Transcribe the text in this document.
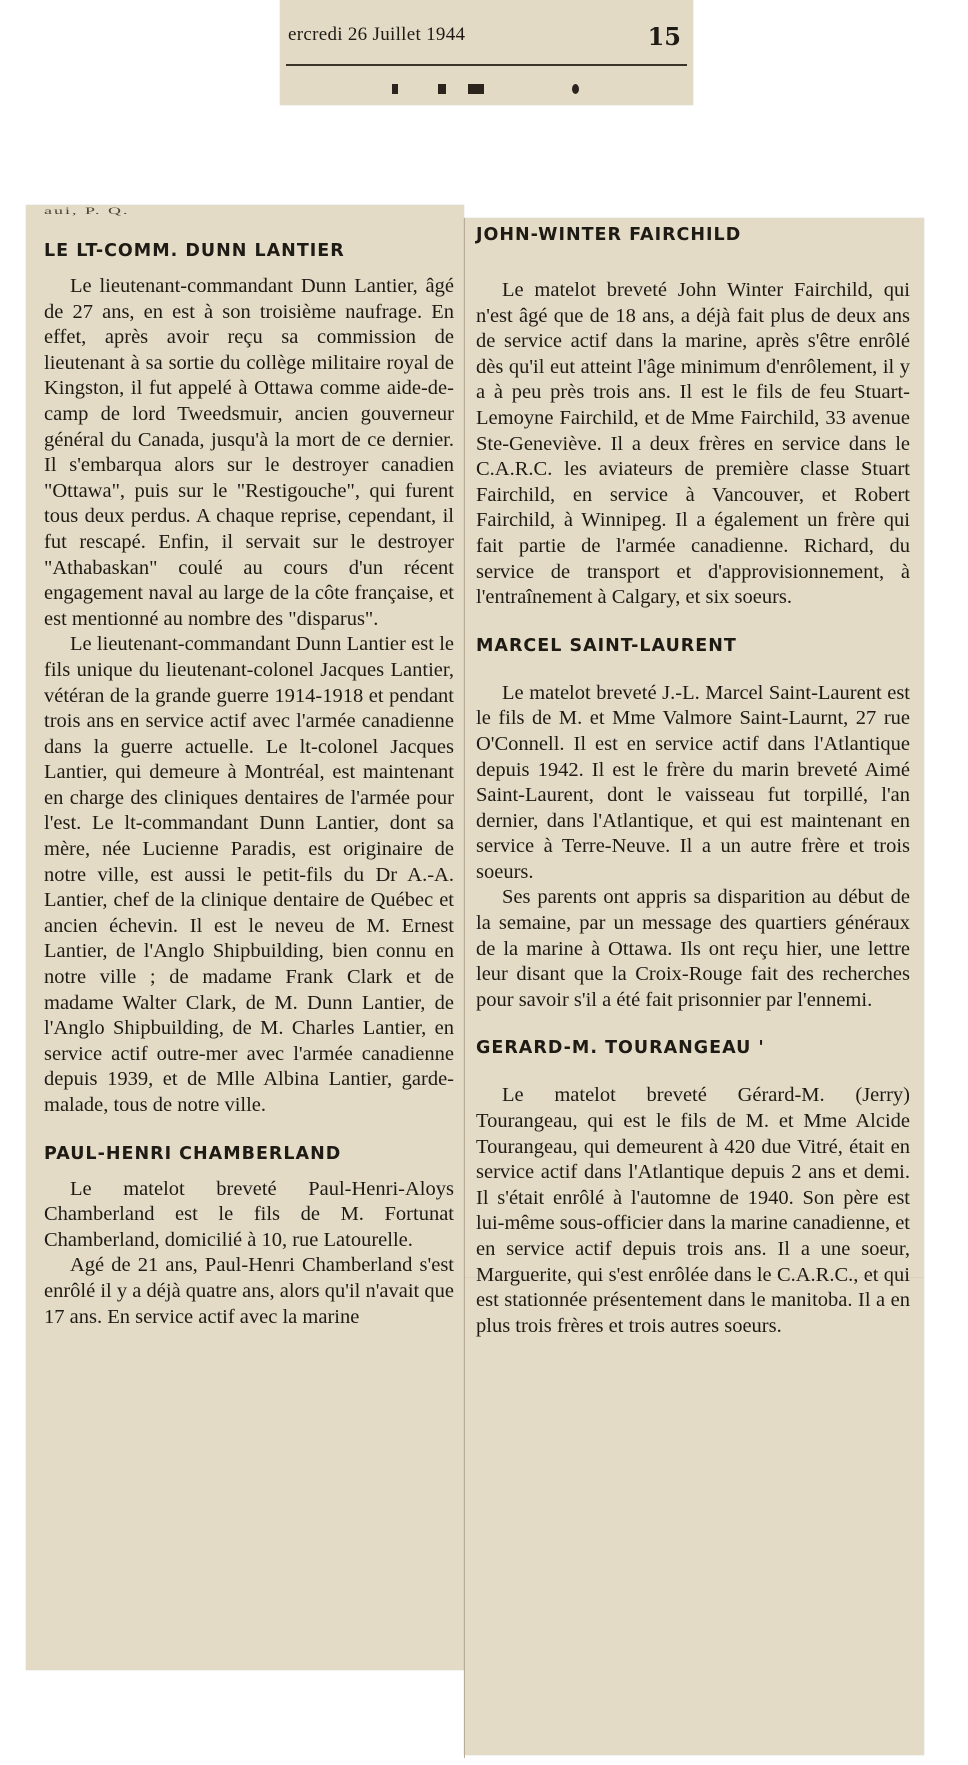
ercredi 26 Juillet 1944	15
aui, P. Q.
LE LT-COMM. DUNN LANTIER

Le lieutenant-commandant Dunn Lantier, âgé de 27 ans, en est à son troisième naufrage. En effet, après avoir reçu sa commission de lieutenant à sa sortie du collège militaire royal de Kingston, il fut appelé à Ottawa comme aide-de-camp de lord Tweedsmuir, ancien gouverneur général du Canada, jusqu'à la mort de ce dernier. Il s'embarqua alors sur le destroyer canadien "Ottawa", puis sur le "Restigouche", qui furent tous deux perdus. A chaque reprise, cependant, il fut rescapé. Enfin, il servait sur le destroyer "Athabaskan" coulé au cours d'un récent engagement naval au large de la côte française, et est mentionné au nombre des "disparus".

Le lieutenant-commandant Dunn Lantier est le fils unique du lieutenant-colonel Jacques Lantier, vétéran de la grande guerre 1914-1918 et pendant trois ans en service actif avec l'armée canadienne dans la guerre actuelle. Le lt-colonel Jacques Lantier, qui demeure à Montréal, est maintenant en charge des cliniques dentaires de l'armée pour l'est. Le lt-commandant Dunn Lantier, dont sa mère, née Lucienne Paradis, est originaire de notre ville, est aussi le petit-fils du Dr A.-A. Lantier, chef de la clinique dentaire de Québec et ancien échevin. Il est le neveu de M. Ernest Lantier, de l'Anglo Shipbuilding, bien connu en notre ville ; de madame Frank Clark et de madame Walter Clark, de M. Dunn Lantier, de l'Anglo Shipbuilding, de M. Charles Lantier, en service actif outre-mer avec l'armée canadienne depuis 1939, et de Mlle Albina Lantier, garde-malade, tous de notre ville.

PAUL-HENRI CHAMBERLAND

Le matelot breveté Paul-Henri-Aloys Chamberland est le fils de M. Fortunat Chamberland, domicilié à 10, rue Latourelle.

Agé de 21 ans, Paul-Henri Chamberland s'est enrôlé il y a déjà quatre ans, alors qu'il n'avait que 17 ans. En service actif avec la marine

JOHN-WINTER FAIRCHILD

Le matelot breveté John Winter Fairchild, qui n'est âgé que de 18 ans, a déjà fait plus de deux ans de service actif dans la marine, après s'être enrôlé dès qu'il eut atteint l'âge minimum d'enrôlement, il y a à peu près trois ans. Il est le fils de feu Stuart-Lemoyne Fairchild, et de Mme Fairchild, 33 avenue Ste-Geneviève. Il a deux frères en service dans le C.A.R.C. les aviateurs de première classe Stuart Fairchild, en service à Vancouver, et Robert Fairchild, à Winnipeg. Il a également un frère qui fait partie de l'armée canadienne. Richard, du service de transport et d'approvisionnement, à l'entraînement à Calgary, et six soeurs.

MARCEL SAINT-LAURENT

Le matelot breveté J.-L. Marcel Saint-Laurent est le fils de M. et Mme Valmore Saint-Laurnt, 27 rue O'Connell. Il est en service actif dans l'Atlantique depuis 1942. Il est le frère du marin breveté Aimé Saint-Laurent, dont le vaisseau fut torpillé, l'an dernier, dans l'Atlantique, et qui est maintenant en service à Terre-Neuve. Il a un autre frère et trois soeurs.

Ses parents ont appris sa disparition au début de la semaine, par un message des quartiers généraux de la marine à Ottawa. Ils ont reçu hier, une lettre leur disant que la Croix-Rouge fait des recherches pour savoir s'il a été fait prisonnier par l'ennemi.

GERARD-M. TOURANGEAU '

Le matelot breveté Gérard-M. (Jerry) Tourangeau, qui est le fils de M. et Mme Alcide Tourangeau, qui demeurent à 420 due Vitré, était en service actif dans l'Atlantique depuis 2 ans et demi. Il s'était enrôlé à l'automne de 1940. Son père est lui-même sous-officier dans la marine canadienne, et en service actif depuis trois ans. Il a une soeur, Marguerite, qui s'est enrôlée dans le C.A.R.C., et qui est stationnée présentement dans le manitoba. Il a en plus trois frères et trois autres soeurs.
